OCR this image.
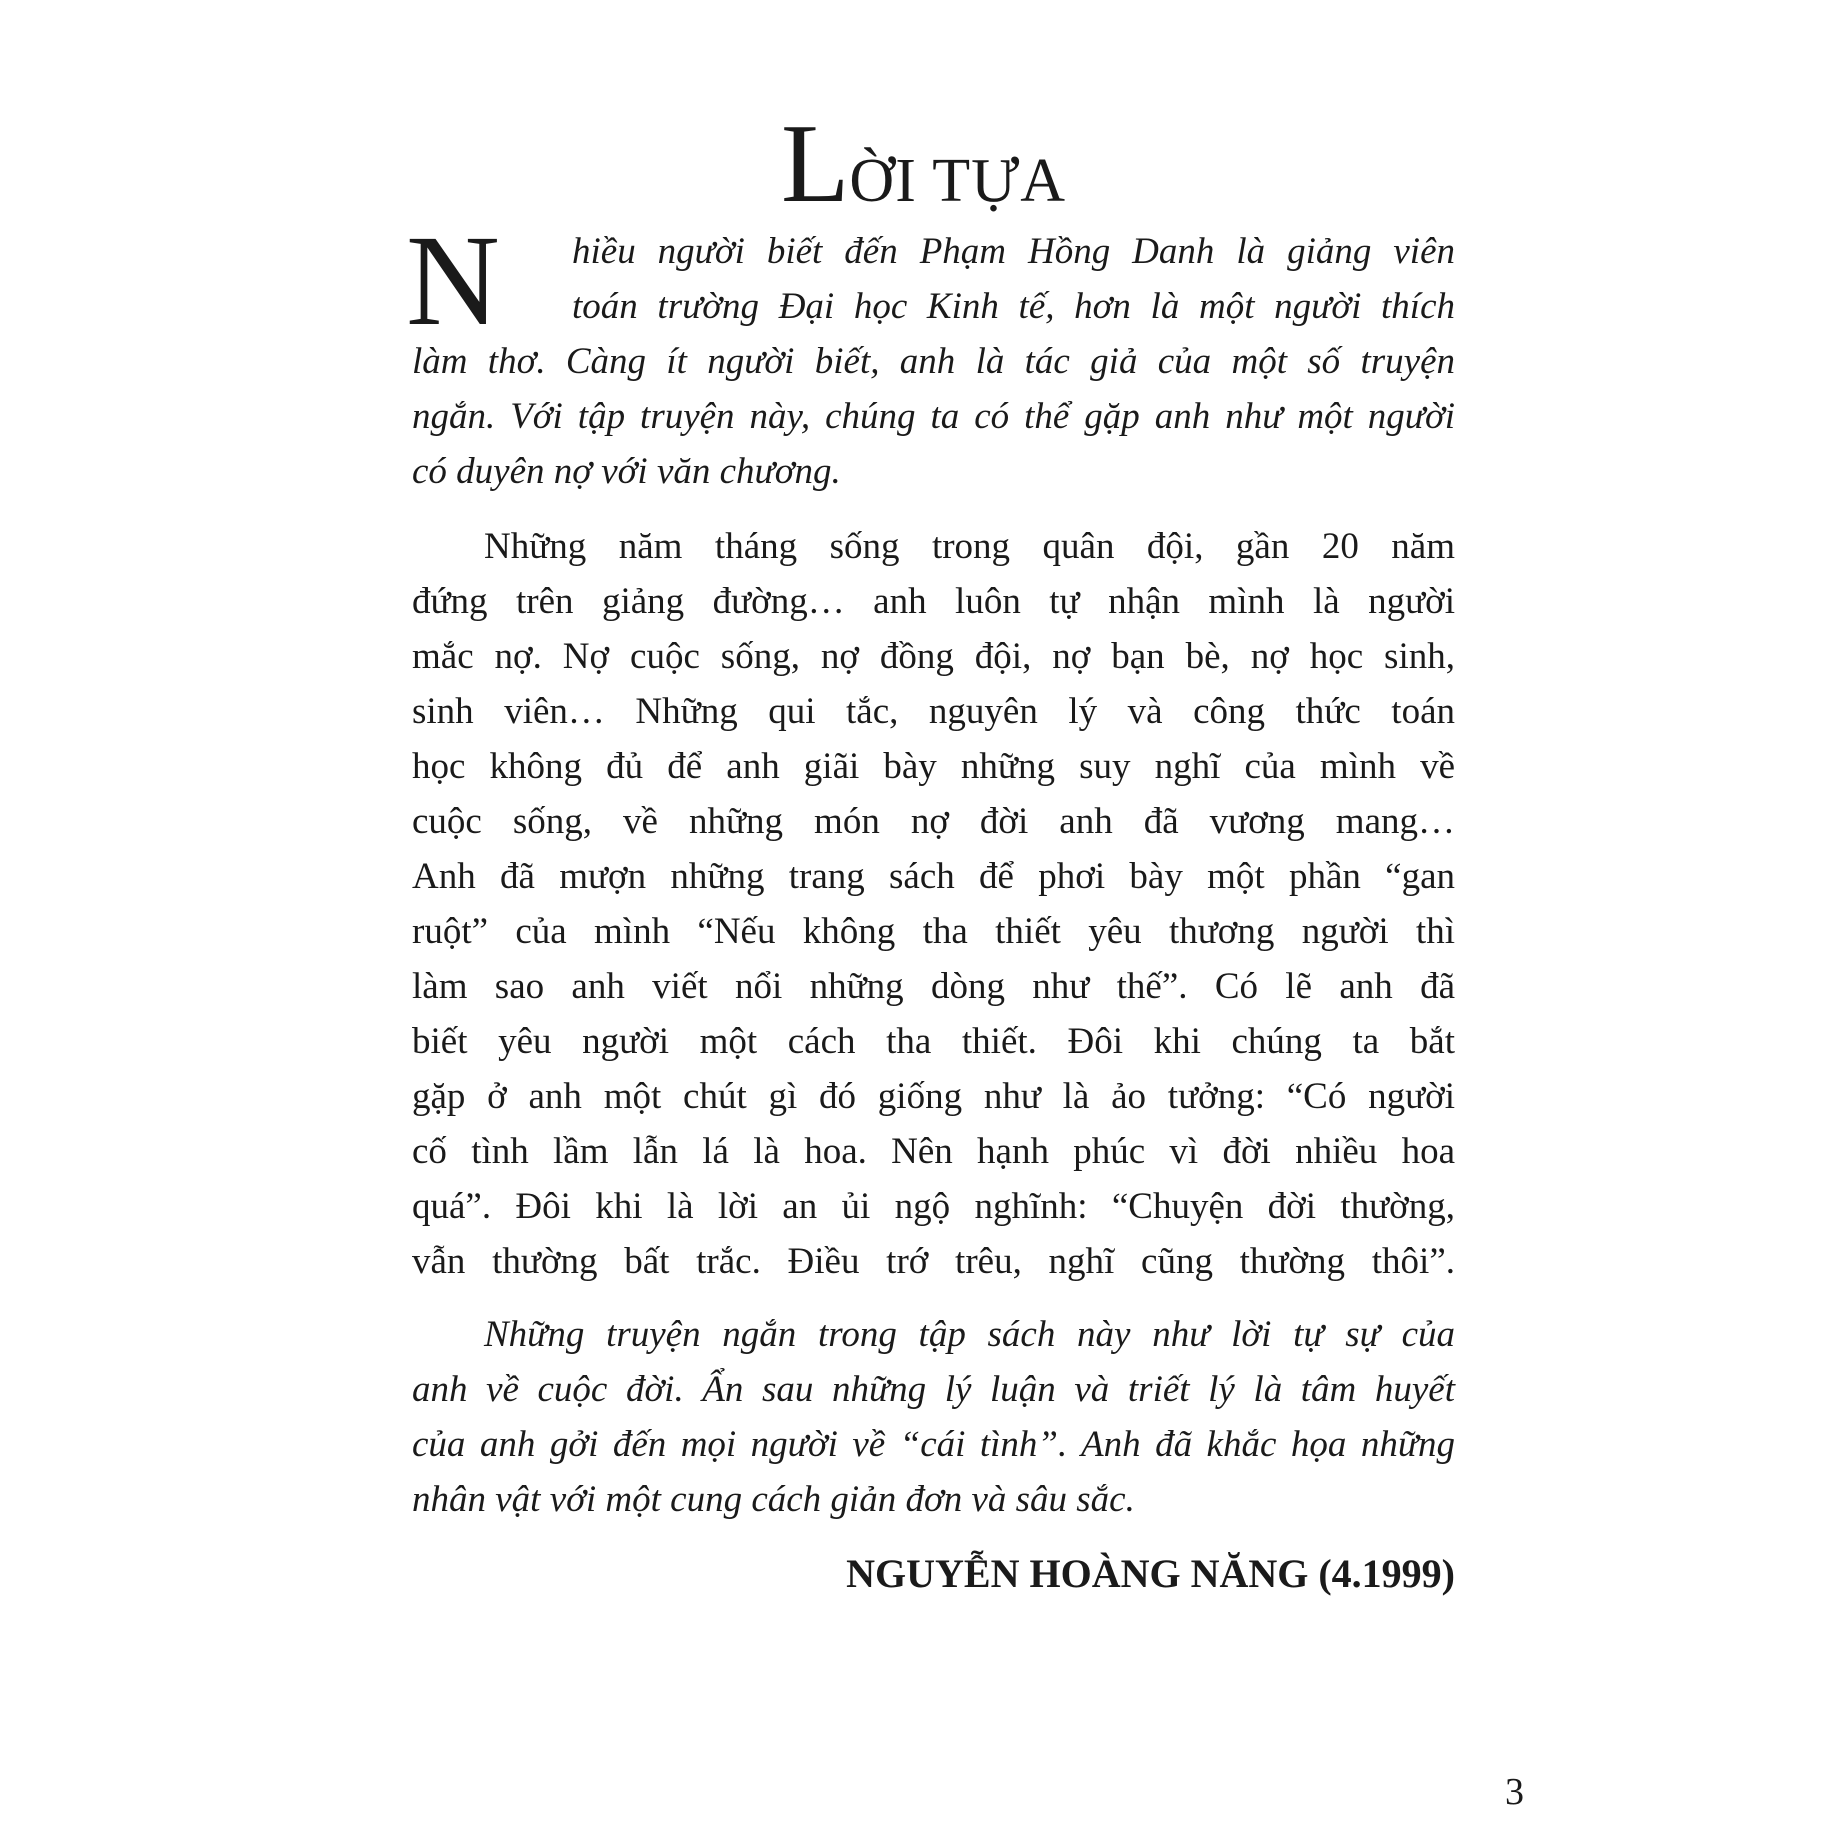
LỜI TỰA
N hiều người biết đến Phạm Hồng Danh là giảng viên
toán trường Đại học Kinh tế, hơn là một người thích
làm thơ. Càng ít người biết, anh là tác giả của một số truyện
ngắn. Với tập truyện này, chúng ta có thể gặp anh như một người
có duyên nợ với văn chương.
Những năm tháng sống trong quân đội, gần 20 năm
đứng trên giảng đường… anh luôn tự nhận mình là người
mắc nợ. Nợ cuộc sống, nợ đồng đội, nợ bạn bè, nợ học sinh,
sinh viên… Những qui tắc, nguyên lý và công thức toán
học không đủ để anh giãi bày những suy nghĩ của mình về
cuộc sống, về những món nợ đời anh đã vương mang…
Anh đã mượn những trang sách để phơi bày một phần “gan
ruột” của mình “Nếu không tha thiết yêu thương người thì
làm sao anh viết nổi những dòng như thế”. Có lẽ anh đã
biết yêu người một cách tha thiết. Đôi khi chúng ta bắt
gặp ở anh một chút gì đó giống như là ảo tưởng: “Có người
cố tình lầm lẫn lá là hoa. Nên hạnh phúc vì đời nhiều hoa
quá”. Đôi khi là lời an ủi ngộ nghĩnh: “Chuyện đời thường,
vẫn thường bất trắc. Điều trớ trêu, nghĩ cũng thường thôi”.
Những truyện ngắn trong tập sách này như lời tự sự của
anh về cuộc đời. Ẩn sau những lý luận và triết lý là tâm huyết
của anh gởi đến mọi người về “cái tình”. Anh đã khắc họa những
nhân vật với một cung cách giản đơn và sâu sắc.
NGUYỄN HOÀNG NĂNG (4.1999)
3
